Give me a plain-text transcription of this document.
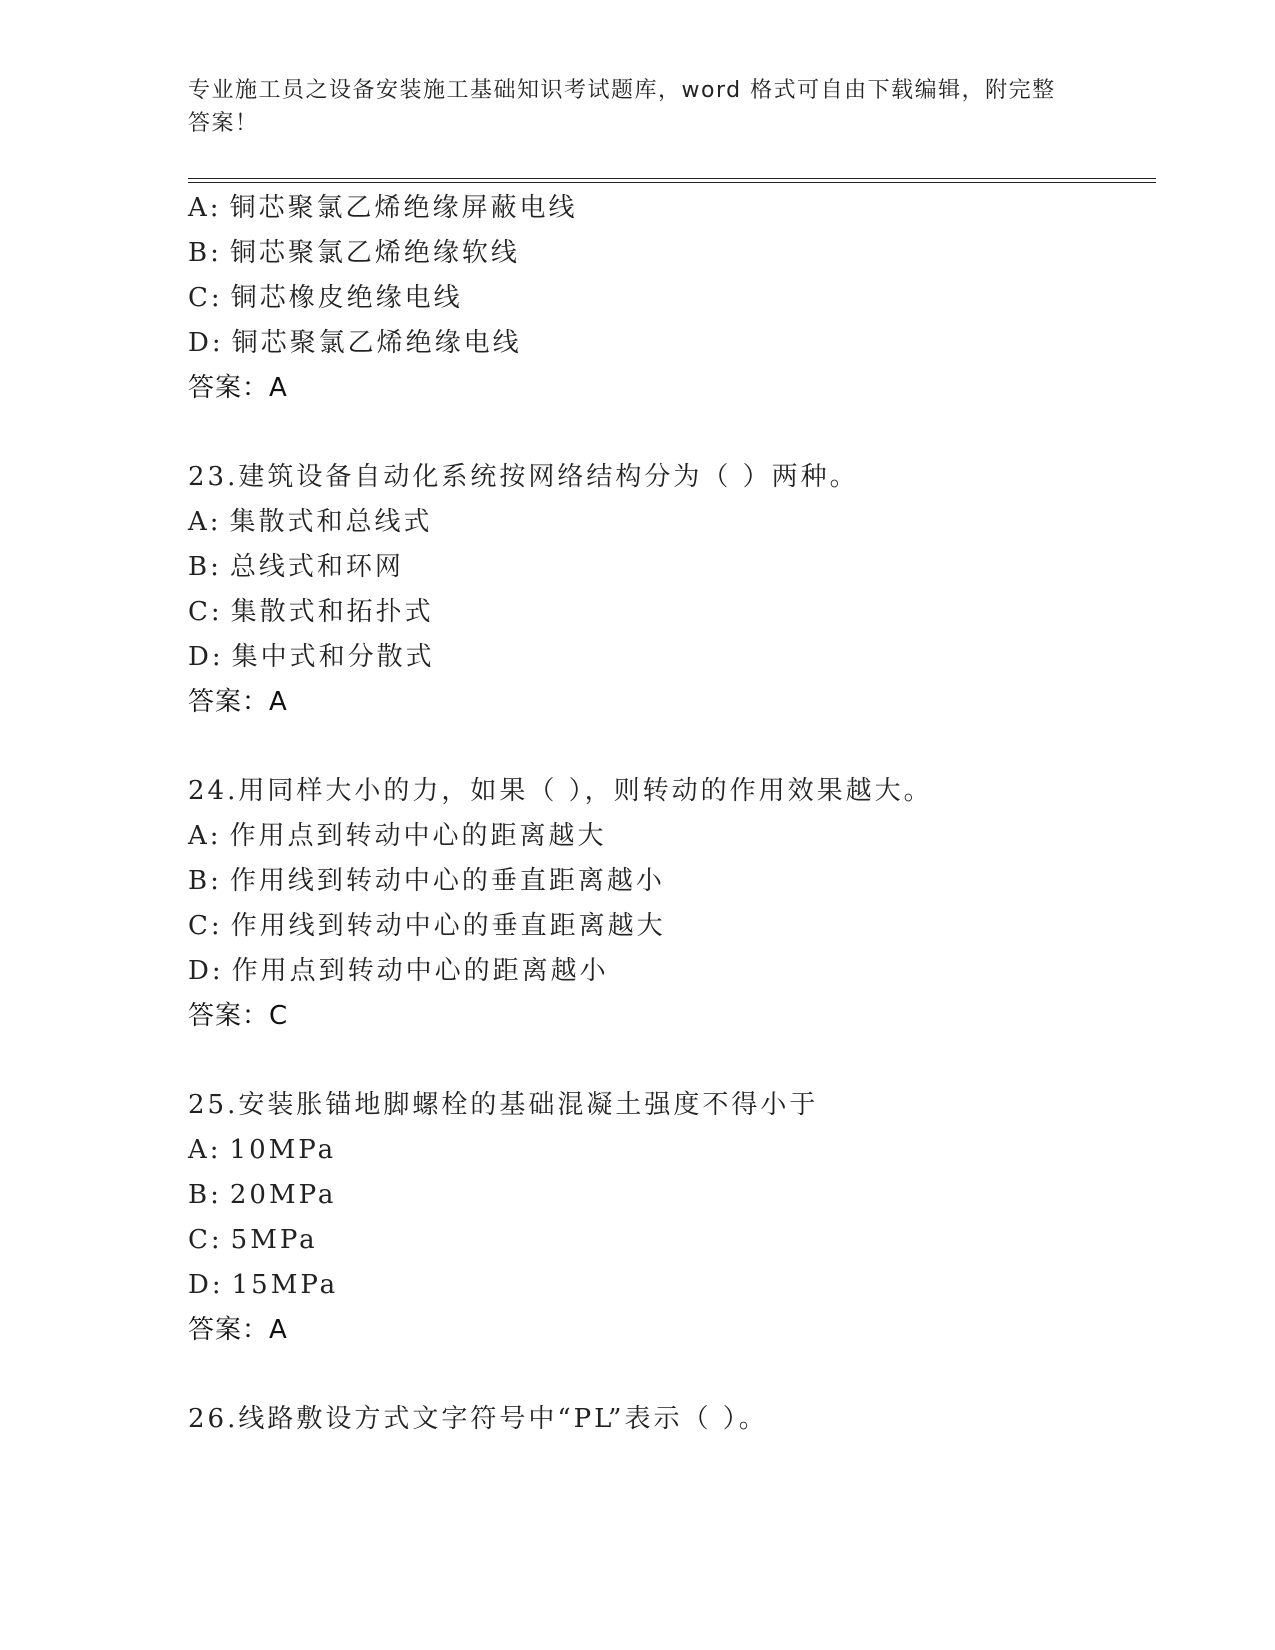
专业施工员之设备安装施工基础知识考试题库，word 格式可自由下载编辑，附完整答案！
A: 铜芯聚氯乙烯绝缘屏蔽电线
B: 铜芯聚氯乙烯绝缘软线
C: 铜芯橡皮绝缘电线
D: 铜芯聚氯乙烯绝缘电线
答案：A
23.建筑设备自动化系统按网络结构分为（ ）两种。
A: 集散式和总线式
B: 总线式和环网
C: 集散式和拓扑式
D: 集中式和分散式
答案：A
24.用同样大小的力，如果（ ），则转动的作用效果越大。
A: 作用点到转动中心的距离越大
B: 作用线到转动中心的垂直距离越小
C: 作用线到转动中心的垂直距离越大
D: 作用点到转动中心的距离越小
答案：C
25.安装胀锚地脚螺栓的基础混凝土强度不得小于
A: 10MPa
B: 20MPa
C: 5MPa
D: 15MPa
答案：A
26.线路敷设方式文字符号中“PL”表示（ ）。
